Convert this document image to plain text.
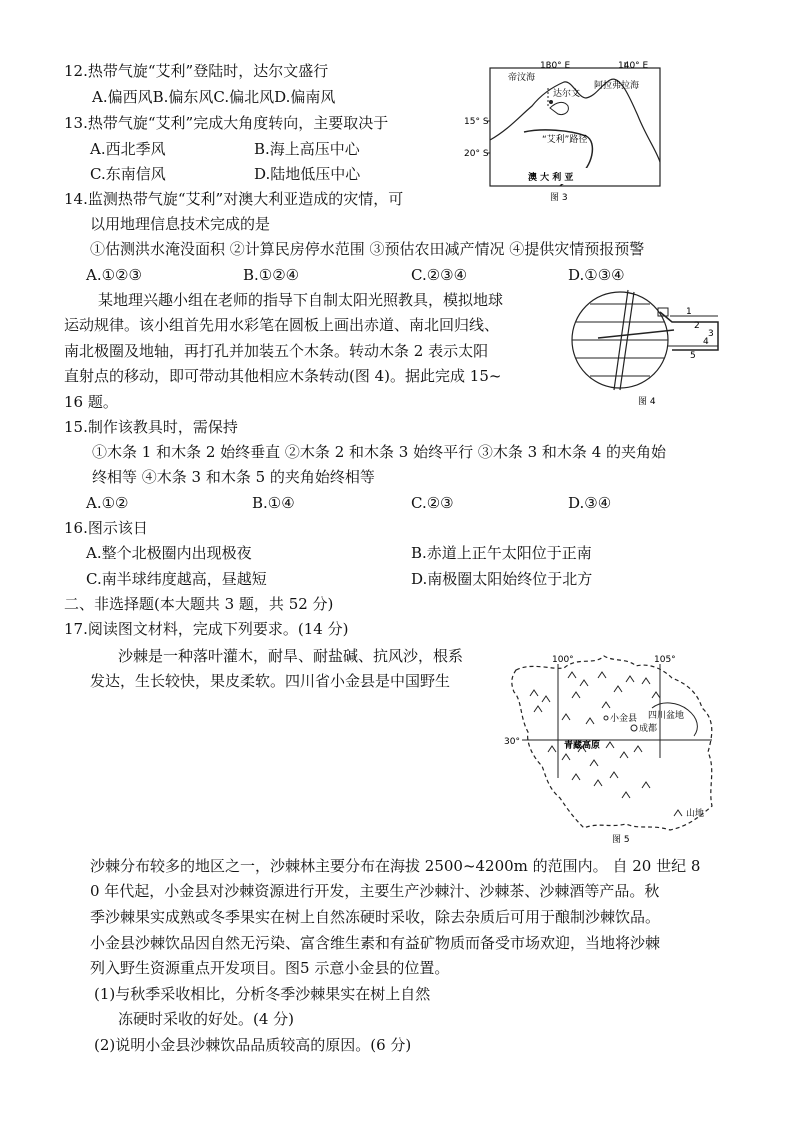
12.热带气旋“艾利”登陆时，达尔文盛行
A.偏西风B.偏东风C.偏北风D.偏南风
13.热带气旋“艾利”完成大角度转向，主要取决于
A.西北季风	B.海上高压中心
C.东南信风	D.陆地低压中心
14.监测热带气旋“艾利”对澳大利亚造成的灾情，可
以用地理信息技术完成的是
①估测洪水淹没面积 ②计算民房停水范围 ③预估农田减产情况 ④提供灾情预报预警
A.①②③	B.①②④	C.②③④	D.①③④
130° E	140° E
15° S
20° S
帝汶海
阿拉弗拉海
达尔文
“艾利”路径
澳 大 利 亚
图 3
某地理兴趣小组在老师的指导下自制太阳光照教具，模拟地球
运动规律。该小组首先用水彩笔在圆板上画出赤道、南北回归线、
南北极圈及地轴，再打孔并加装五个木条。转动木条 2 表示太阳
直射点的移动，即可带动其他相应木条转动(图 4)。据此完成 15~
16 题。
1
2
3
4
5
图 4
15.制作该教具时，需保持
①木条 1 和木条 2 始终垂直 ②木条 2 和木条 3 始终平行 ③木条 3 和木条 4 的夹角始
终相等 ④木条 3 和木条 5 的夹角始终相等
A.①②	B.①④	C.②③	D.③④
16.图示该日
A.整个北极圈内出现极夜	B.赤道上正午太阳位于正南
C.南半球纬度越高，昼越短	D.南极圈太阳始终位于北方
二、非选择题(本大题共 3 题，共 52 分)
17.阅读图文材料，完成下列要求。(14 分)
沙棘是一种落叶灌木，耐旱、耐盐碱、抗风沙，根系
发达，生长较快，果皮柔软。四川省小金县是中国野生
100°	105°
30°
小金县 四川盆地
成都
青藏高原
山地
图 5
沙棘分布较多的地区之一，沙棘林主要分布在海拔 2500~4200m 的范围内。 自 20 世纪 8
0 年代起，小金县对沙棘资源进行开发，主要生产沙棘汁、沙棘茶、沙棘酒等产品。秋
季沙棘果实成熟或冬季果实在树上自然冻硬时采收，除去杂质后可用于酿制沙棘饮品。
小金县沙棘饮品因自然无污染、富含维生素和有益矿物质而备受市场欢迎，当地将沙棘
列入野生资源重点开发项目。图5 示意小金县的位置。
(1)与秋季采收相比，分析冬季沙棘果实在树上自然
冻硬时采收的好处。(4 分)
(2)说明小金县沙棘饮品品质较高的原因。(6 分)
